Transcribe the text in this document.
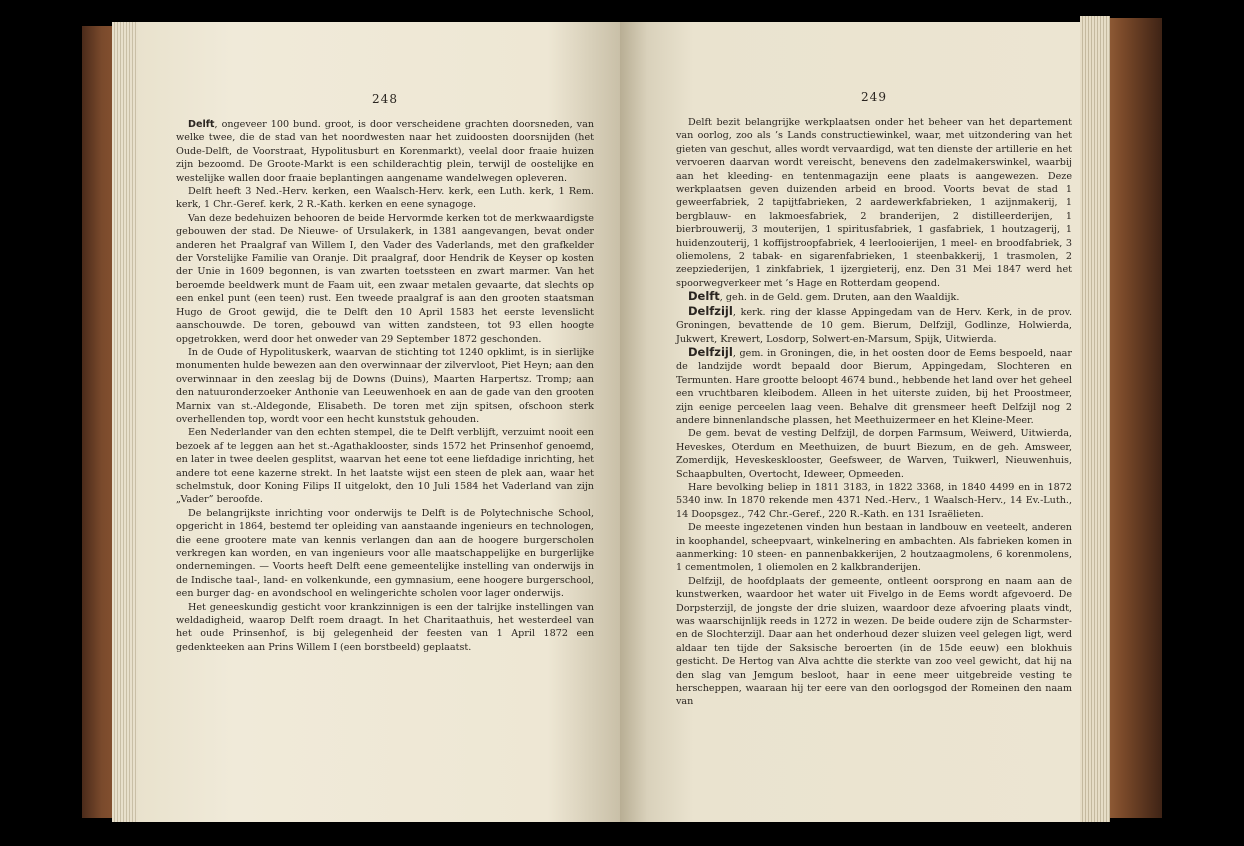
248

Delft, ongeveer 100 bund. groot, is door verscheidene grachten doorsneden, van welke twee, die de stad van het noordwesten naar het zuidoosten doorsnijden (het Oude-Delft, de Voorstraat, Hypolitusburt en Korenmarkt), veelal door fraaie huizen zijn bezoomd. De Groote-Markt is een schilderachtig plein, terwijl de oostelijke en westelijke wallen door fraaie beplantingen aangename wandelwegen opleveren.

Delft heeft 3 Ned.-Herv. kerken, een Waalsch-Herv. kerk, een Luth. kerk, 1 Rem. kerk, 1 Chr.-Geref. kerk, 2 R.-Kath. kerken en eene synagoge.

Van deze bedehuizen behooren de beide Hervormde kerken tot de merkwaardigste gebouwen der stad. De Nieuwe- of Ursulakerk, in 1381 aangevangen, bevat onder anderen het Praalgraf van Willem I, den Vader des Vaderlands, met den grafkelder der Vorstelijke Familie van Oranje. Dit praalgraf, door Hendrik de Keyser op kosten der Unie in 1609 begonnen, is van zwarten toetssteen en zwart marmer. Van het beroemde beeldwerk munt de Faam uit, een zwaar metalen gevaarte, dat slechts op een enkel punt (een teen) rust. Een tweede praalgraf is aan den grooten staatsman Hugo de Groot gewijd, die te Delft den 10 April 1583 het eerste levenslicht aanschouwde. De toren, gebouwd van witten zandsteen, tot 93 ellen hoogte opgetrokken, werd door het onweder van 29 September 1872 geschonden.

In de Oude of Hypolituskerk, waarvan de stichting tot 1240 opklimt, is in sierlijke monumenten hulde bewezen aan den overwinnaar der zilvervloot, Piet Heyn; aan den overwinnaar in den zeeslag bij de Downs (Duins), Maarten Harpertsz. Tromp; aan den natuuronderzoeker Anthonie van Leeuwenhoek en aan de gade van den grooten Marnix van st.-Aldegonde, Elisabeth. De toren met zijn spitsen, ofschoon sterk overhellenden top, wordt voor een hecht kunststuk gehouden.

Een Nederlander van den echten stempel, die te Delft verblijft, verzuimt nooit een bezoek af te leggen aan het st.-Agathaklooster, sinds 1572 het Prinsenhof genoemd, en later in twee deelen gesplitst, waarvan het eene tot eene liefdadige inrichting, het andere tot eene kazerne strekt. In het laatste wijst een steen de plek aan, waar het schelmstuk, door Koning Filips II uitgelokt, den 10 Juli 1584 het Vaderland van zijn „Vader” beroofde.

De belangrijkste inrichting voor onderwijs te Delft is de Polytechnische School, opgericht in 1864, bestemd ter opleiding van aanstaande ingenieurs en technologen, die eene grootere mate van kennis verlangen dan aan de hoogere burgerscholen verkregen kan worden, en van ingenieurs voor alle maatschappelijke en burgerlijke ondernemingen. — Voorts heeft Delft eene gemeentelijke instelling van onderwijs in de Indische taal-, land- en volkenkunde, een gymnasium, eene hoogere burgerschool, een burger dag- en avondschool en welingerichte scholen voor lager onderwijs.

Het geneeskundig gesticht voor krankzinnigen is een der talrijke instellingen van weldadigheid, waarop Delft roem draagt. In het Charitaathuis, het westerdeel van het oude Prinsenhof, is bij gelegenheid der feesten van 1 April 1872 een gedenkteeken aan Prins Willem I (een borstbeeld) geplaatst.

249

Delft bezit belangrijke werkplaatsen onder het beheer van het departement van oorlog, zoo als ’s Lands constructiewinkel, waar, met uitzondering van het gieten van geschut, alles wordt vervaardigd, wat ten dienste der artillerie en het vervoeren daarvan wordt vereischt, benevens den zadelmakerswinkel, waarbij aan het kleeding- en tentenmagazijn eene plaats is aangewezen. Deze werkplaatsen geven duizenden arbeid en brood. Voorts bevat de stad 1 geweerfabriek, 2 tapijtfabrieken, 2 aardewerkfabrieken, 1 azijnmakerij, 1 bergblauw- en lakmoesfabriek, 2 branderijen, 2 distilleerderijen, 1 bierbrouwerij, 3 mouterijen, 1 spiritusfabriek, 1 gasfabriek, 1 houtzagerij, 1 huidenzouterij, 1 koffijstroopfabriek, 4 leerlooierijen, 1 meel- en broodfabriek, 3 oliemolens, 2 tabak- en sigarenfabrieken, 1 steenbakkerij, 1 trasmolen, 2 zeepziederijen, 1 zinkfabriek, 1 ijzergieterij, enz. Den 31 Mei 1847 werd het spoorwegverkeer met ’s Hage en Rotterdam geopend.

Delft, geh. in de Geld. gem. Druten, aan den Waaldijk.

Delfzijl, kerk. ring der klasse Appingedam van de Herv. Kerk, in de prov. Groningen, bevattende de 10 gem. Bierum, Delfzijl, Godlinze, Holwierda, Jukwert, Krewert, Losdorp, Solwert-en-Marsum, Spijk, Uitwierda.

Delfzijl, gem. in Groningen, die, in het oosten door de Eems bespoeld, naar de landzijde wordt bepaald door Bierum, Appingedam, Slochteren en Termunten. Hare grootte beloopt 4674 bund., hebbende het land over het geheel een vruchtbaren kleibodem. Alleen in het uiterste zuiden, bij het Proostmeer, zijn eenige perceelen laag veen. Behalve dit grensmeer heeft Delfzijl nog 2 andere binnenlandsche plassen, het Meethuizermeer en het Kleine-Meer.

De gem. bevat de vesting Delfzijl, de dorpen Farmsum, Weiwerd, Uitwierda, Heveskes, Oterdum en Meethuizen, de buurt Biezum, en de geh. Amsweer, Zomerdijk, Heveskesklooster, Geefsweer, de Warven, Tuikwerl, Nieuwenhuis, Schaapbulten, Overtocht, Ideweer, Opmeeden.

Hare bevolking beliep in 1811 3183, in 1822 3368, in 1840 4499 en in 1872 5340 inw. In 1870 rekende men 4371 Ned.-Herv., 1 Waalsch-Herv., 14 Ev.-Luth., 14 Doopsgez., 742 Chr.-Geref., 220 R.-Kath. en 131 Israëlieten.

De meeste ingezetenen vinden hun bestaan in landbouw en veeteelt, anderen in koophandel, scheepvaart, winkelnering en ambachten. Als fabrieken komen in aanmerking: 10 steen- en pannenbakkerijen, 2 houtzaagmolens, 6 korenmolens, 1 cementmolen, 1 oliemolen en 2 kalkbranderijen.

Delfzijl, de hoofdplaats der gemeente, ontleent oorsprong en naam aan de kunstwerken, waardoor het water uit Fivelgo in de Eems wordt afgevoerd. De Dorpsterzijl, de jongste der drie sluizen, waardoor deze afvoering plaats vindt, was waarschijnlijk reeds in 1272 in wezen. De beide oudere zijn de Scharmster- en de Slochterzijl. Daar aan het onderhoud dezer sluizen veel gelegen ligt, werd aldaar ten tijde der Saksische beroerten (in de 15de eeuw) een blokhuis gesticht. De Hertog van Alva achtte die sterkte van zoo veel gewicht, dat hij na den slag van Jemgum besloot, haar in eene meer uitgebreide vesting te herscheppen, waaraan hij ter eere van den oorlogsgod der Romeinen den naam van
